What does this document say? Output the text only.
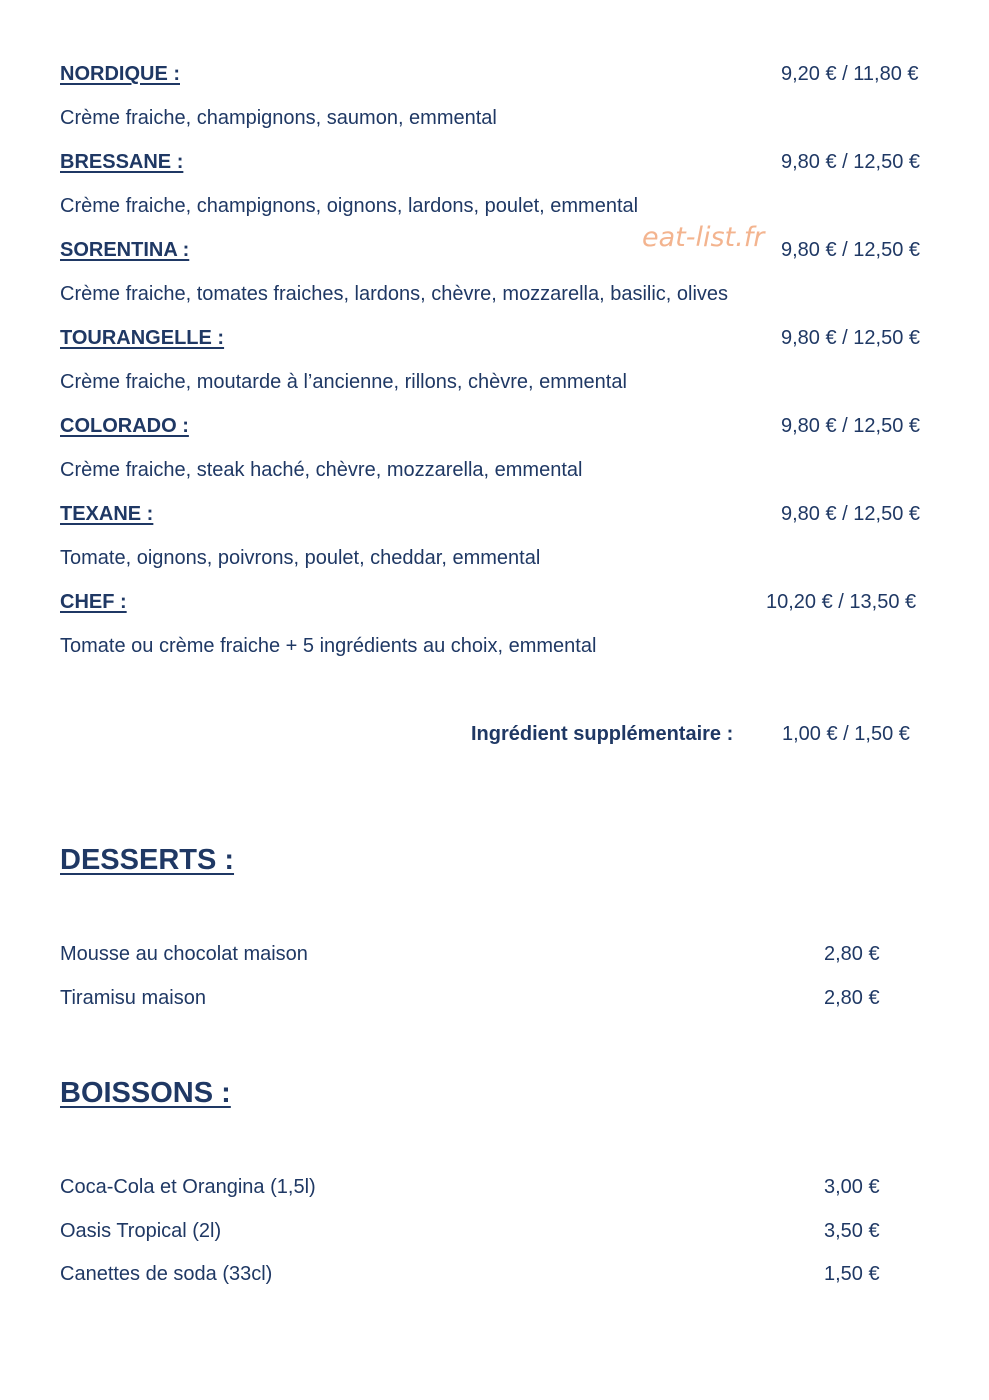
NORDIQUE :	9,20 € / 11,80 €
Crème fraiche, champignons, saumon, emmental
BRESSANE :	9,80 € / 12,50 €
Crème fraiche, champignons, oignons, lardons, poulet, emmental
SORENTINA :	9,80 € / 12,50 €
Crème fraiche, tomates fraiches, lardons, chèvre, mozzarella, basilic, olives
eat-list.fr
TOURANGELLE :	9,80 € / 12,50 €
Crème fraiche, moutarde à l’ancienne, rillons, chèvre, emmental
COLORADO :	9,80 € / 12,50 €
Crème fraiche, steak haché, chèvre, mozzarella, emmental
TEXANE :	9,80 € / 12,50 €
Tomate, oignons, poivrons, poulet, cheddar, emmental
CHEF :	10,20 € / 13,50 €
Tomate ou crème fraiche + 5 ingrédients au choix, emmental
Ingrédient supplémentaire : 1,00 € / 1,50 €
DESSERTS :
Mousse au chocolat maison	2,80 €
Tiramisu maison	2,80 €
BOISSONS :
Coca-Cola et Orangina (1,5l)	3,00 €
Oasis Tropical (2l)	3,50 €
Canettes de soda (33cl)	1,50 €
